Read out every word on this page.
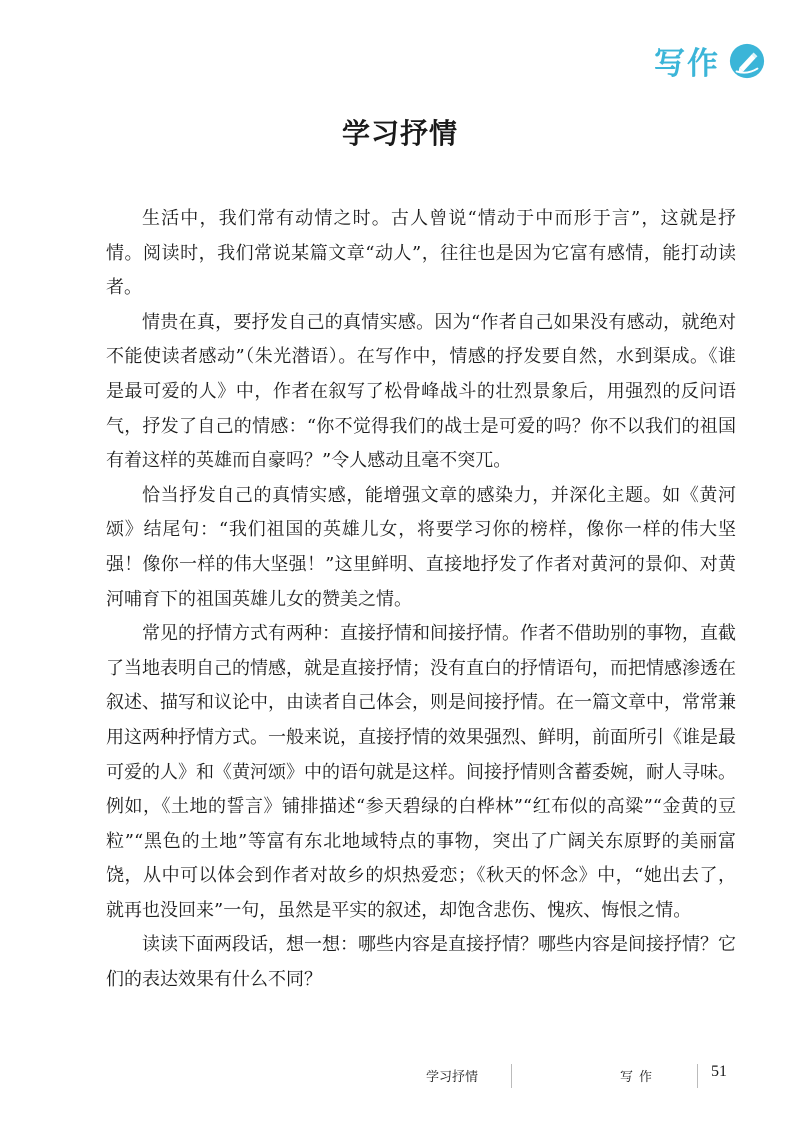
写作
学习抒情

生活中，我们常有动情之时。古人曾说“情动于中而形于言”，这就是抒情。阅读时，我们常说某篇文章“动人”，往往也是因为它富有感情，能打动读者。

情贵在真，要抒发自己的真情实感。因为“作者自己如果没有感动，就绝对不能使读者感动”（朱光潜语）。在写作中，情感的抒发要自然，水到渠成。《谁是最可爱的人》中，作者在叙写了松骨峰战斗的壮烈景象后，用强烈的反问语气，抒发了自己的情感：“你不觉得我们的战士是可爱的吗？你不以我们的祖国有着这样的英雄而自豪吗？”令人感动且毫不突兀。

恰当抒发自己的真情实感，能增强文章的感染力，并深化主题。如《黄河颂》结尾句：“我们祖国的英雄儿女，将要学习你的榜样，像你一样的伟大坚强！像你一样的伟大坚强！”这里鲜明、直接地抒发了作者对黄河的景仰、对黄河哺育下的祖国英雄儿女的赞美之情。

常见的抒情方式有两种：直接抒情和间接抒情。作者不借助别的事物，直截了当地表明自己的情感，就是直接抒情；没有直白的抒情语句，而把情感渗透在叙述、描写和议论中，由读者自己体会，则是间接抒情。在一篇文章中，常常兼用这两种抒情方式。一般来说，直接抒情的效果强烈、鲜明，前面所引《谁是最可爱的人》和《黄河颂》中的语句就是这样。间接抒情则含蓄委婉，耐人寻味。例如，《土地的誓言》铺排描述“参天碧绿的白桦林”“红布似的高粱”“金黄的豆粒”“黑色的土地”等富有东北地域特点的事物，突出了广阔关东原野的美丽富饶，从中可以体会到作者对故乡的炽热爱恋；《秋天的怀念》中，“她出去了，就再也没回来”一句，虽然是平实的叙述，却饱含悲伤、愧疚、悔恨之情。

读读下面两段话，想一想：哪些内容是直接抒情？哪些内容是间接抒情？它们的表达效果有什么不同？

学习抒情	写作	51
